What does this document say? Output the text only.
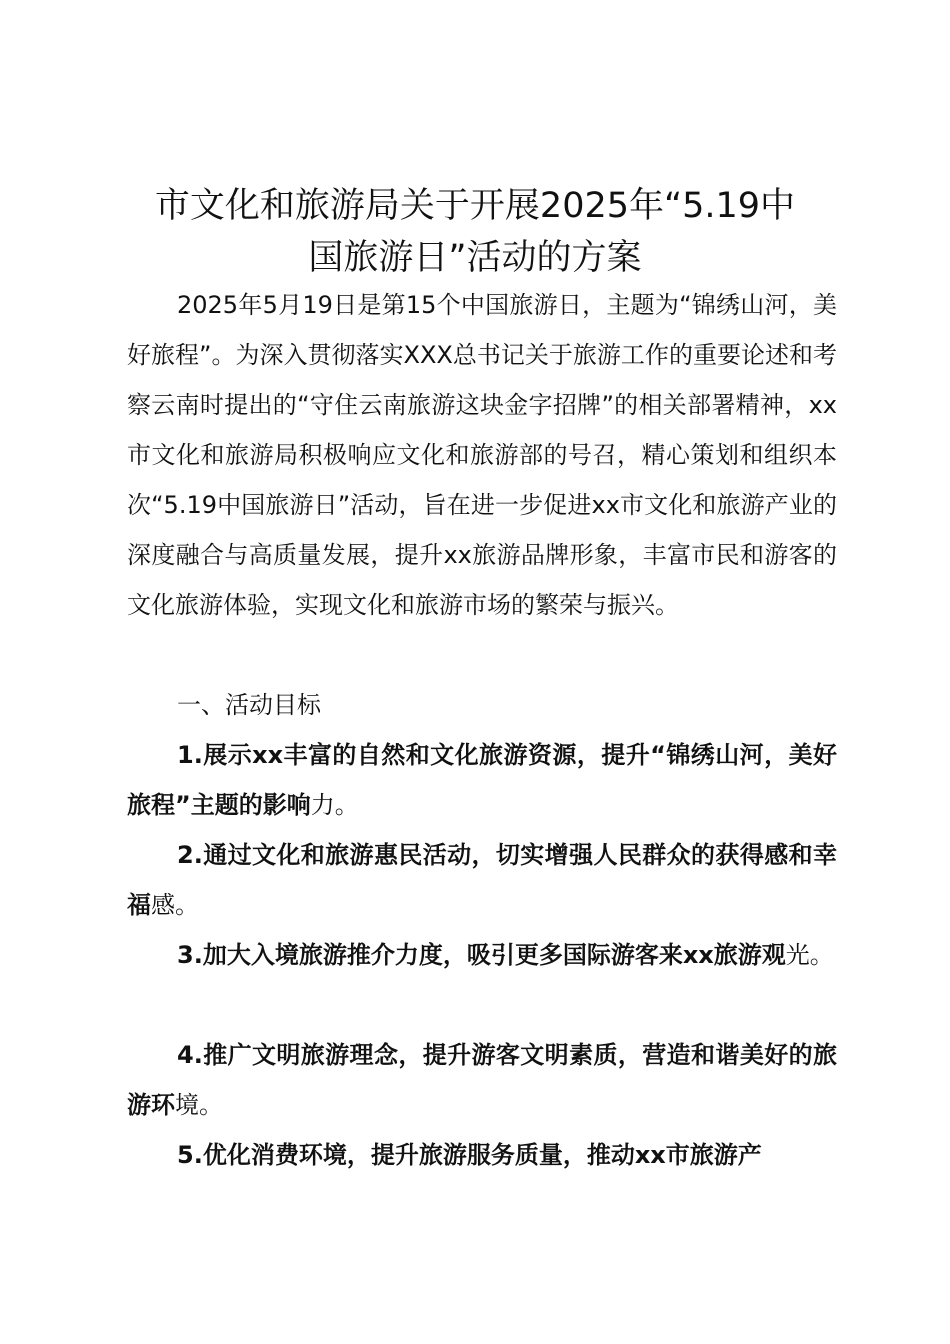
市文化和旅游局关于开展2025年“5.19中
国旅游日”活动的方案

2025年5月19日是第15个中国旅游日，主题为“锦绣山河，美好旅程”。为深入贯彻落实XXX总书记关于旅游工作的重要论述和考察云南时提出的“守住云南旅游这块金字招牌”的相关部署精神，xx市文化和旅游局积极响应文化和旅游部的号召，精心策划和组织本次“5.19中国旅游日”活动，旨在进一步促进xx市文化和旅游产业的深度融合与高质量发展，提升xx旅游品牌形象，丰富市民和游客的文化旅游体验，实现文化和旅游市场的繁荣与振兴。

一、活动目标

1.展示xx丰富的自然和文化旅游资源，提升“锦绣山河，美好旅程”主题的影响力。

2.通过文化和旅游惠民活动，切实增强人民群众的获得感和幸福感。

3.加大入境旅游推介力度，吸引更多国际游客来xx旅游观光。

4.推广文明旅游理念，提升游客文明素质，营造和谐美好的旅游环境。

5.优化消费环境，提升旅游服务质量，推动xx市旅游产
